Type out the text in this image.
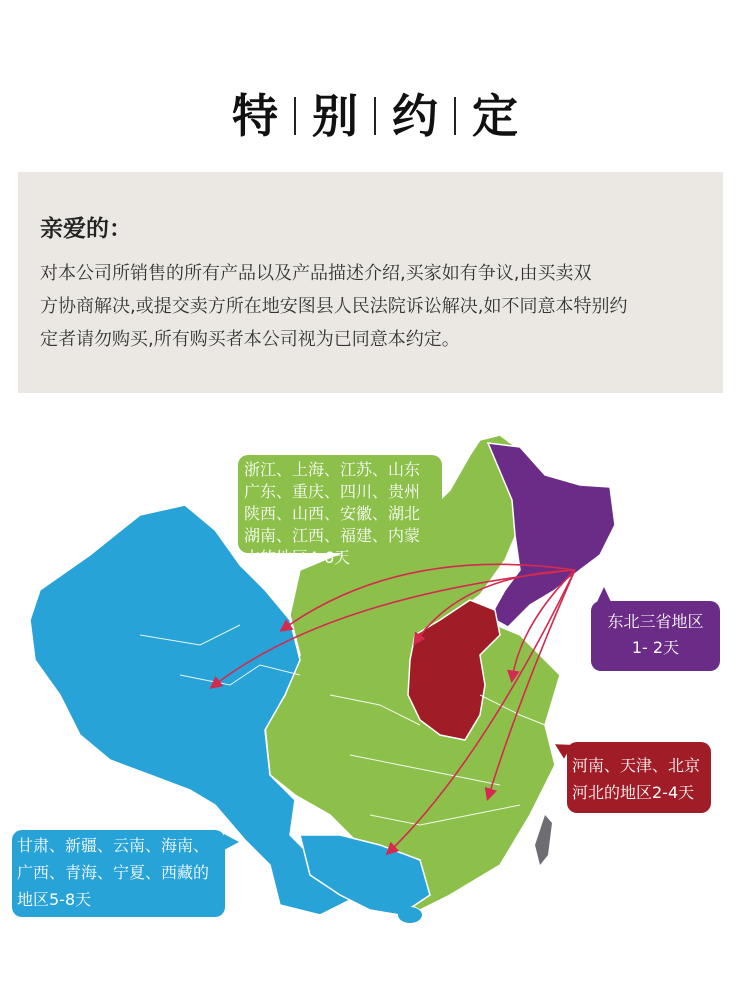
特 别 约 定
亲爱的：
对本公司所销售的所有产品以及产品描述介绍,买家如有争议,由买卖双
方协商解决,或提交卖方所在地安图县人民法院诉讼解决,如不同意本特别约
定者请勿购买,所有购买者本公司视为已同意本约定。
浙江、上海、江苏、山东
广东、重庆、四川、贵州
陕西、山西、安徽、湖北
湖南、江西、福建、内蒙
古的地区4-6天
东北三省地区
1- 2天
河南、天津、北京
河北的地区2-4天
甘肃、新疆、云南、海南、
广西、青海、宁夏、西藏的
地区5-8天
